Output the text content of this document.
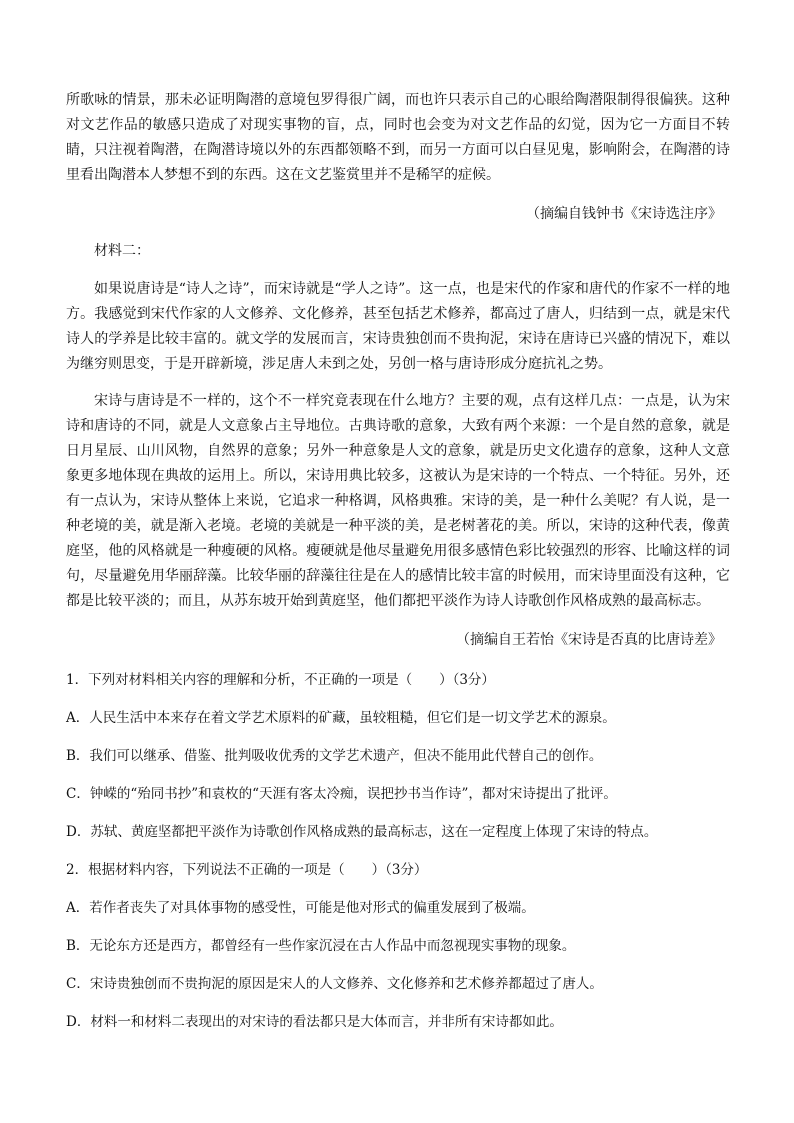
所歌咏的情景，那未必证明陶潜的意境包罗得很广阔，而也许只表示自己的心眼给陶潜限制得很偏狭。这种对文艺作品的敏感只造成了对现实事物的盲，点，同时也会变为对文艺作品的幻觉，因为它一方面目不转睛，只注视着陶潜，在陶潜诗境以外的东西都领略不到，而另一方面可以白昼见鬼，影响附会，在陶潜的诗里看出陶潜本人梦想不到的东西。这在文艺鉴赏里并不是稀罕的症候。

（摘编自钱钟书《宋诗选注序》

材料二：

如果说唐诗是“诗人之诗”，而宋诗就是“学人之诗”。这一点，也是宋代的作家和唐代的作家不一样的地方。我感觉到宋代作家的人文修养、文化修养，甚至包括艺术修养，都高过了唐人，归结到一点，就是宋代诗人的学养是比较丰富的。就文学的发展而言，宋诗贵独创而不贵拘泥，宋诗在唐诗已兴盛的情况下，难以为继穷则思变，于是开辟新境，涉足唐人未到之处，另创一格与唐诗形成分庭抗礼之势。

宋诗与唐诗是不一样的，这个不一样究竟表现在什么地方？主要的观，点有这样几点：一点是，认为宋诗和唐诗的不同，就是人文意象占主导地位。古典诗歌的意象，大致有两个来源：一个是自然的意象，就是日月星辰、山川风物，自然界的意象；另外一种意象是人文的意象，就是历史文化遗存的意象，这种人文意象更多地体现在典故的运用上。所以，宋诗用典比较多，这被认为是宋诗的一个特点、一个特征。另外，还有一点认为，宋诗从整体上来说，它追求一种格调，风格典雅。宋诗的美，是一种什么美呢？有人说，是一种老境的美，就是渐入老境。老境的美就是一种平淡的美，是老树著花的美。所以，宋诗的这种代表，像黄庭坚，他的风格就是一种瘦硬的风格。瘦硬就是他尽量避免用很多感情色彩比较强烈的形容、比喻这样的词句，尽量避免用华丽辞藻。比较华丽的辞藻往往是在人的感情比较丰富的时候用，而宋诗里面没有这种，它都是比较平淡的；而且，从苏东坡开始到黄庭坚，他们都把平淡作为诗人诗歌创作风格成熟的最高标志。

（摘编自王若怡《宋诗是否真的比唐诗差》

1．下列对材料相关内容的理解和分析，不正确的一项是（　　）（3分）

A．人民生活中本来存在着文学艺术原料的矿藏，虽较粗糙，但它们是一切文学艺术的源泉。

B．我们可以继承、借鉴、批判吸收优秀的文学艺术遗产，但决不能用此代替自己的创作。

C．钟嵘的“殆同书抄”和袁枚的“天涯有客太冷痴，误把抄书当作诗”，都对宋诗提出了批评。

D．苏轼、黄庭坚都把平淡作为诗歌创作风格成熟的最高标志，这在一定程度上体现了宋诗的特点。

2．根据材料内容，下列说法不正确的一项是（　　）（3分）

A．若作者丧失了对具体事物的感受性，可能是他对形式的偏重发展到了极端。

B．无论东方还是西方，都曾经有一些作家沉浸在古人作品中而忽视现实事物的现象。

C．宋诗贵独创而不贵拘泥的原因是宋人的人文修养、文化修养和艺术修养都超过了唐人。

D．材料一和材料二表现出的对宋诗的看法都只是大体而言，并非所有宋诗都如此。
